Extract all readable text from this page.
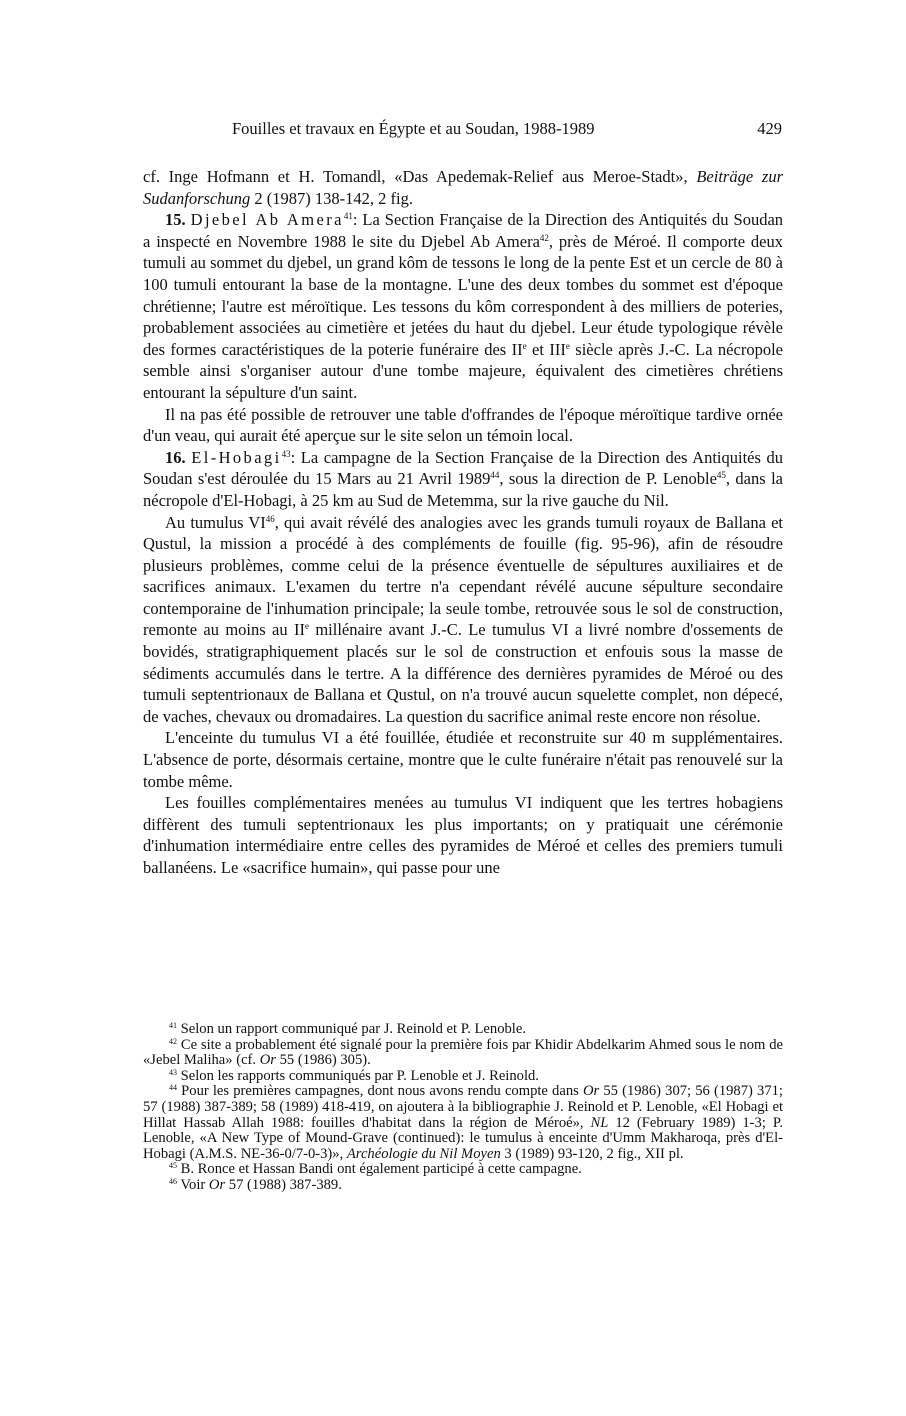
Fouilles et travaux en Égypte et au Soudan, 1988-1989	429

cf. Inge Hofmann et H. Tomandl, «Das Apedemak-Relief aus Meroe-Stadt», Beiträge zur Sudanforschung 2 (1987) 138-142, 2 fig.

15. Djebel Ab Amera$^{41}$: La Section Française de la Direction des Antiquités du Soudan a inspecté en Novembre 1988 le site du Djebel Ab Amera$^{42}$, près de Méroé. Il comporte deux tumuli au sommet du djebel, un grand kôm de tessons le long de la pente Est et un cercle de 80 à 100 tumuli entourant la base de la montagne. L'une des deux tombes du sommet est d'époque chrétienne; l'autre est méroïtique. Les tessons du kôm correspondent à des milliers de poteries, probablement associées au cimetière et jetées du haut du djebel. Leur étude typologique révèle des formes caractéristiques de la poterie funéraire des IIe et IIIe siècle après J.-C. La nécropole semble ainsi s'organiser autour d'une tombe majeure, équivalent des cimetières chrétiens entourant la sépulture d'un saint.

Il na pas été possible de retrouver une table d'offrandes de l'époque méroïtique tardive ornée d'un veau, qui aurait été aperçue sur le site selon un témoin local.

16. El-Hobagi$^{43}$: La campagne de la Section Française de la Direction des Antiquités du Soudan s'est déroulée du 15 Mars au 21 Avril 1989$^{44}$, sous la direction de P. Lenoble$^{45}$, dans la nécropole d'El-Hobagi, à 25 km au Sud de Metemma, sur la rive gauche du Nil.

Au tumulus VI$^{46}$, qui avait révélé des analogies avec les grands tumuli royaux de Ballana et Qustul, la mission a procédé à des compléments de fouille (fig. 95-96), afin de résoudre plusieurs problèmes, comme celui de la présence éventuelle de sépultures auxiliaires et de sacrifices animaux. L'examen du tertre n'a cependant révélé aucune sépulture secondaire contemporaine de l'inhumation principale; la seule tombe, retrouvée sous le sol de construction, remonte au moins au IIe millénaire avant J.-C. Le tumulus VI a livré nombre d'ossements de bovidés, stratigraphiquement placés sur le sol de construction et enfouis sous la masse de sédiments accumulés dans le tertre. A la différence des dernières pyramides de Méroé ou des tumuli septentrionaux de Ballana et Qustul, on n'a trouvé aucun squelette complet, non dépecé, de vaches, chevaux ou dromadaires. La question du sacrifice animal reste encore non résolue.

L'enceinte du tumulus VI a été fouillée, étudiée et reconstruite sur 40 m supplémentaires. L'absence de porte, désormais certaine, montre que le culte funéraire n'était pas renouvelé sur la tombe même.

Les fouilles complémentaires menées au tumulus VI indiquent que les tertres hobagiens diffèrent des tumuli septentrionaux les plus importants; on y pratiquait une cérémonie d'inhumation intermédiaire entre celles des pyramides de Méroé et celles des premiers tumuli ballanéens. Le «sacrifice humain», qui passe pour une

$^{41}$ Selon un rapport communiqué par J. Reinold et P. Lenoble.

$^{42}$ Ce site a probablement été signalé pour la première fois par Khidir Abdelkarim Ahmed sous le nom de «Jebel Maliha» (cf. Or 55 (1986) 305).

$^{43}$ Selon les rapports communiqués par P. Lenoble et J. Reinold.

$^{44}$ Pour les premières campagnes, dont nous avons rendu compte dans Or 55 (1986) 307; 56 (1987) 371; 57 (1988) 387-389; 58 (1989) 418-419, on ajoutera à la bibliographie J. Reinold et P. Lenoble, «El Hobagi et Hillat Hassab Allah 1988: fouilles d'habitat dans la région de Méroé», NL 12 (February 1989) 1-3; P. Lenoble, «A New Type of Mound-Grave (continued): le tumulus à enceinte d'Umm Makharoqa, près d'El-Hobagi (A.M.S. NE-36-0/7-0-3)», Archéologie du Nil Moyen 3 (1989) 93-120, 2 fig., XII pl.

$^{45}$ B. Ronce et Hassan Bandi ont également participé à cette campagne.

$^{46}$ Voir Or 57 (1988) 387-389.
